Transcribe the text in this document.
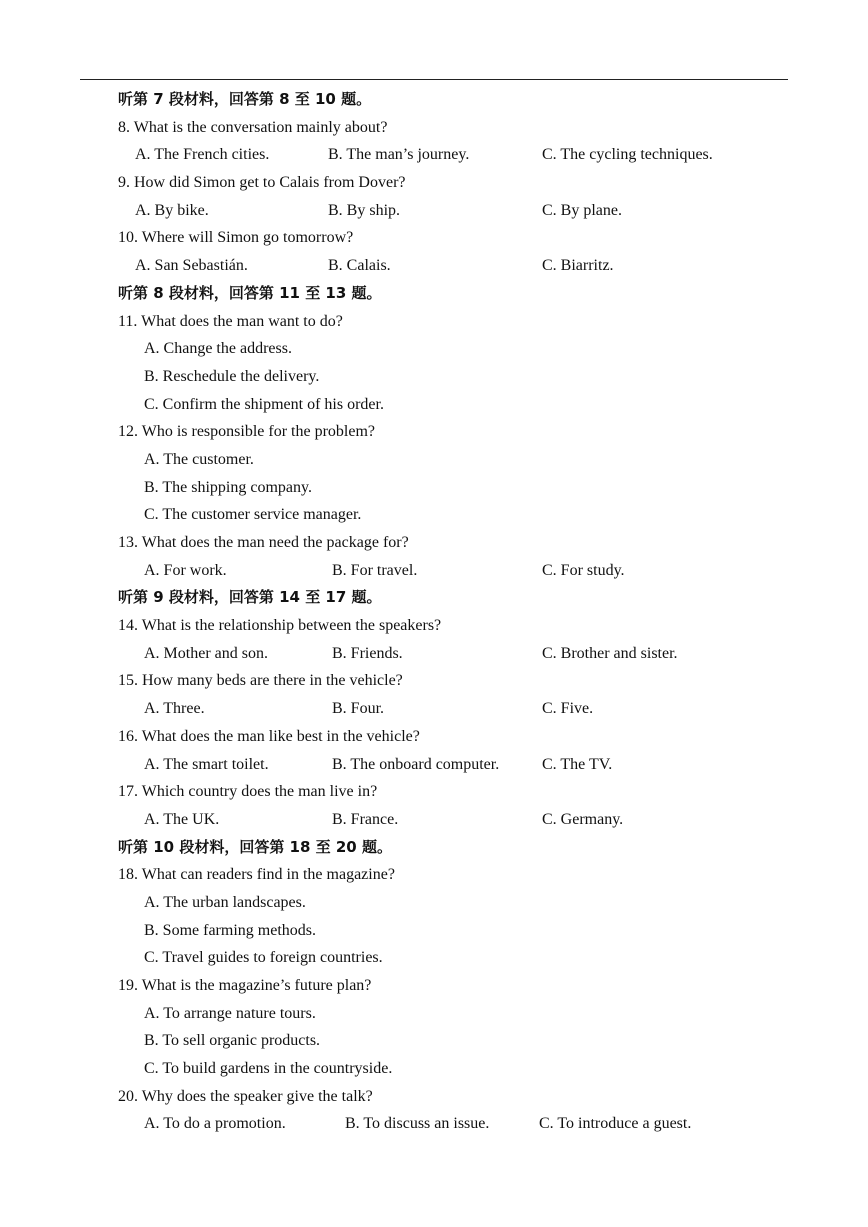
听第 7 段材料，回答第 8 至 10 题。
8. What is the conversation mainly about?
A. The French cities.	B. The man’s journey.	C. The cycling techniques.
9. How did Simon get to Calais from Dover?
A. By bike.	B. By ship.	C. By plane.
10. Where will Simon go tomorrow?
A. San Sebastián.	B. Calais.	C. Biarritz.
听第 8 段材料，回答第 11 至 13 题。
11. What does the man want to do?
A. Change the address.
B. Reschedule the delivery.
C. Confirm the shipment of his order.
12. Who is responsible for the problem?
A. The customer.
B. The shipping company.
C. The customer service manager.
13. What does the man need the package for?
A. For work.	B. For travel.	C. For study.
听第 9 段材料，回答第 14 至 17 题。
14. What is the relationship between the speakers?
A. Mother and son.	B. Friends.	C. Brother and sister.
15. How many beds are there in the vehicle?
A. Three.	B. Four.	C. Five.
16. What does the man like best in the vehicle?
A. The smart toilet.	B. The onboard computer.	C. The TV.
17. Which country does the man live in?
A. The UK.	B. France.	C. Germany.
听第 10 段材料，回答第 18 至 20 题。
18. What can readers find in the magazine?
A. The urban landscapes.
B. Some farming methods.
C. Travel guides to foreign countries.
19. What is the magazine’s future plan?
A. To arrange nature tours.
B. To sell organic products.
C. To build gardens in the countryside.
20. Why does the speaker give the talk?
A. To do a promotion.	B. To discuss an issue.	C. To introduce a guest.
